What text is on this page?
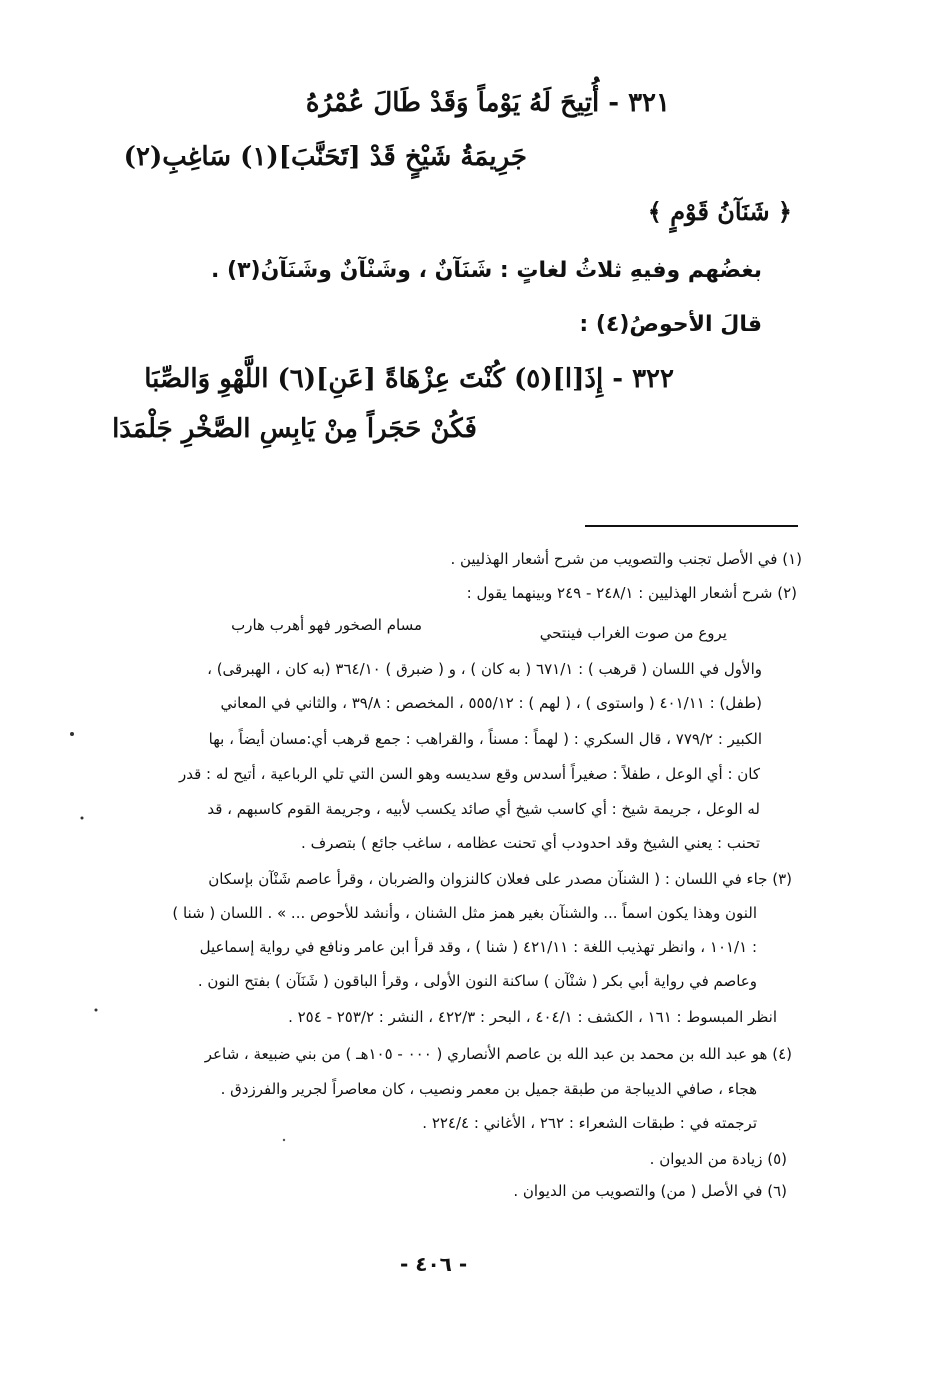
٣٢١ - أُتِيحَ لَهُ يَوْماً وَقَدْ طَالَ عُمْرُهُ
جَرِيمَةُ شَيْخٍ قَدْ [تَحَنَّبَ](١) سَاغِبِ(٢)
﴿ شَنَآنُ قَوْمٍ ﴾
بغضُهم وفيهِ ثلاثُ لغاتٍ : شَنَآنٌ ، وشَنْآنٌ وشَنَآنُ(٣) .
قالَ الأحوصُ(٤) :
٣٢٢ - إِذَ[ا](٥) كُنْتَ عِزْهَاةً [عَنِ](٦) اللَّهْوِ وَالصِّبَا
فَكُنْ حَجَراً مِنْ يَابِسِ الصَّخْرِ جَلْمَدَا
(١) في الأصل تجنب والتصويب من شرح أشعار الهذليين .
(٢) شرح أشعار الهذليين : ٢٤٨/١ - ٢٤٩ وبينهما يقول :
يروع من صوت الغراب فينتحي
مسام الصخور فهو أهرب هارب
والأول في اللسان ( قرهب ) : ٦٧١/١ ( به كان ) ، و ( ضبرق ) ٣٦٤/١٠ (به كان ، الهبرقى) ،
(طفل) : ٤٠١/١١ ( واستوى ) ، ( لهم ) : ٥٥٥/١٢ ، المخصص : ٣٩/٨ ، والثاني في المعاني
الكبير : ٧٧٩/٢ ، قال السكري : ( لهماً : مسناً ، والقراهب : جمع قرهب أي:مسان أيضاً ، بها
كان : أي الوعل ، طفلاً : صغيراً أسدس وقع سديسه وهو السن التي تلي الرباعية ، أتيح له : قدر
له الوعل ، جريمة شيخ : أي كاسب شيخ أي صائد يكسب لأبيه ، وجريمة القوم كاسبهم ، قد
تحنب : يعني الشيخ وقد احدودب أي تحنت عظامه ، ساغب جائع ) بتصرف .
(٣) جاء في اللسان : ( الشنآن مصدر على فعلان كالنزوان والضربان ، وقرأ عاصم شَنْآن بإسكان
النون وهذا يكون اسماً ... والشنآن بغير همز مثل الشنان ، وأنشد للأحوص ... » . اللسان ( شنا )
: ١٠١/١ ، وانظر تهذيب اللغة : ٤٢١/١١ ( شنا ) ، وقد قرأ ابن عامر ونافع في رواية إسماعيل
وعاصم في رواية أبي بكر ( شنْآن ) ساكنة النون الأولى ، وقرأ الباقون ( شَنَآن ) بفتح النون .
انظر المبسوط : ١٦١ ، الكشف : ٤٠٤/١ ، البحر : ٤٢٢/٣ ، النشر : ٢٥٣/٢ - ٢٥٤ .
(٤) هو عبد الله بن محمد بن عبد الله بن عاصم الأنصاري ( ٠٠٠ - ١٠٥هـ ) من بني ضبيعة ، شاعر
هجاء ، صافي الديباجة من طبقة جميل بن معمر ونصيب ، كان معاصراً لجرير والفرزدق .
ترجمته في : طبقات الشعراء : ٢٦٢ ، الأغاني : ٢٢٤/٤ .
(٥) زيادة من الديوان .
(٦) في الأصل ( من) والتصويب من الديوان .
- ٤٠٦ -
